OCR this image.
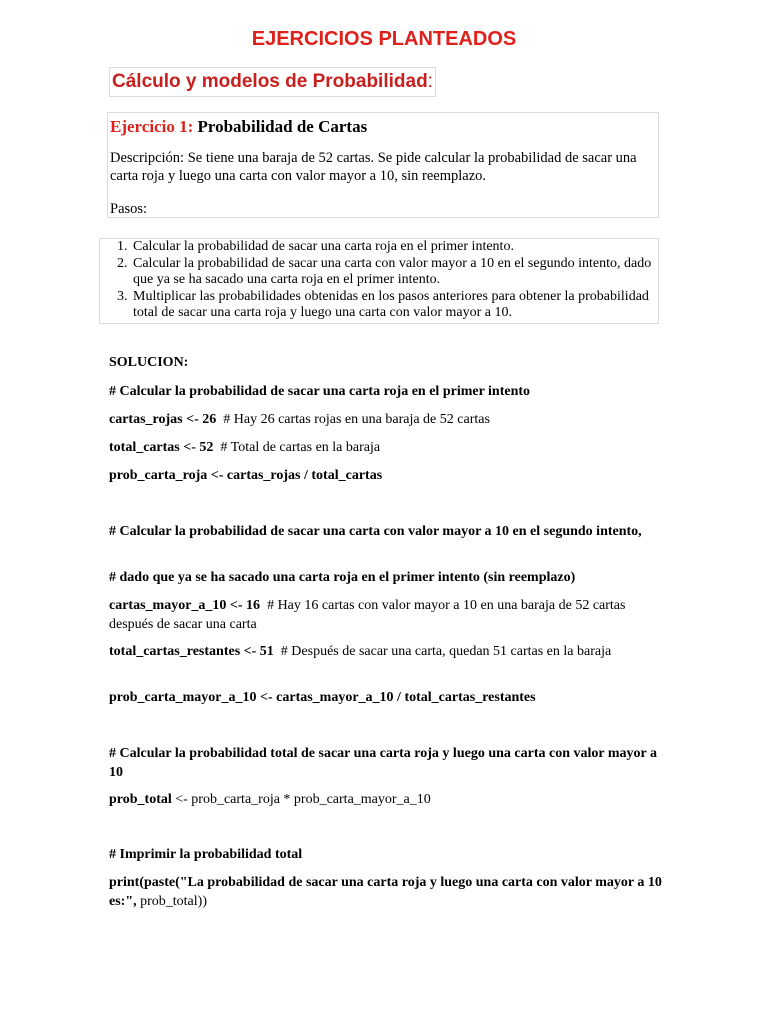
EJERCICIOS PLANTEADOS
Cálculo y modelos de Probabilidad:
Ejercicio 1: Probabilidad de Cartas

Descripción: Se tiene una baraja de 52 cartas. Se pide calcular la probabilidad de sacar una carta roja y luego una carta con valor mayor a 10, sin reemplazo.

Pasos:
1. Calcular la probabilidad de sacar una carta roja en el primer intento.
2. Calcular la probabilidad de sacar una carta con valor mayor a 10 en el segundo intento, dado que ya se ha sacado una carta roja en el primer intento.
3. Multiplicar las probabilidades obtenidas en los pasos anteriores para obtener la probabilidad total de sacar una carta roja y luego una carta con valor mayor a 10.
SOLUCION:
# Calcular la probabilidad de sacar una carta roja en el primer intento
cartas_rojas <- 26 # Hay 26 cartas rojas en una baraja de 52 cartas
total_cartas <- 52 # Total de cartas en la baraja
prob_carta_roja <- cartas_rojas / total_cartas
# Calcular la probabilidad de sacar una carta con valor mayor a 10 en el segundo intento,
# dado que ya se ha sacado una carta roja en el primer intento (sin reemplazo)
cartas_mayor_a_10 <- 16 # Hay 16 cartas con valor mayor a 10 en una baraja de 52 cartas después de sacar una carta
total_cartas_restantes <- 51 # Después de sacar una carta, quedan 51 cartas en la baraja
prob_carta_mayor_a_10 <- cartas_mayor_a_10 / total_cartas_restantes
# Calcular la probabilidad total de sacar una carta roja y luego una carta con valor mayor a 10
prob_total <- prob_carta_roja * prob_carta_mayor_a_10
# Imprimir la probabilidad total
print(paste("La probabilidad de sacar una carta roja y luego una carta con valor mayor a 10 es:", prob_total))
